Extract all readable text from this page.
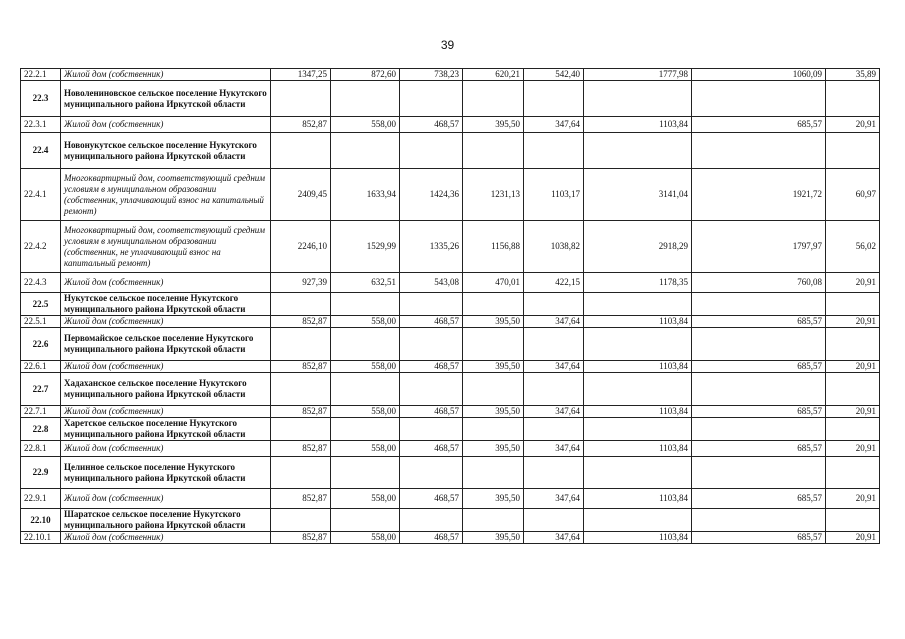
39
22.2.1	Жилой дом (собственник)	1347,25	872,60	738,23	620,21	542,40	1777,98	1060,09	35,89
22.3	Новолениновское сельское поселение Нукутского муниципального района Иркутской области								
22.3.1	Жилой дом (собственник)	852,87	558,00	468,57	395,50	347,64	1103,84	685,57	20,91
22.4	Новонукутское сельское поселение Нукутского муниципального района Иркутской области								
22.4.1	Многоквартирный дом, соответствующий средним условиям в муниципальном образовании (собственник, уплачивающий взнос на капитальный ремонт)	2409,45	1633,94	1424,36	1231,13	1103,17	3141,04	1921,72	60,97
22.4.2	Многоквартирный дом, соответствующий средним условиям в муниципальном образовании (собственник, не уплачивающий взнос на капитальный ремонт)	2246,10	1529,99	1335,26	1156,88	1038,82	2918,29	1797,97	56,02
22.4.3	Жилой дом (собственник)	927,39	632,51	543,08	470,01	422,15	1178,35	760,08	20,91
22.5	Нукутское сельское поселение Нукутского муниципального района Иркутской области								
22.5.1	Жилой дом (собственник)	852,87	558,00	468,57	395,50	347,64	1103,84	685,57	20,91
22.6	Первомайское сельское поселение Нукутского муниципального района Иркутской области								
22.6.1	Жилой дом (собственник)	852,87	558,00	468,57	395,50	347,64	1103,84	685,57	20,91
22.7	Хадаханское сельское поселение Нукутского муниципального района Иркутской области								
22.7.1	Жилой дом (собственник)	852,87	558,00	468,57	395,50	347,64	1103,84	685,57	20,91
22.8	Харетское сельское поселение Нукутского муниципального района Иркутской области								
22.8.1	Жилой дом (собственник)	852,87	558,00	468,57	395,50	347,64	1103,84	685,57	20,91
22.9	Целинное сельское поселение Нукутского муниципального района Иркутской области								
22.9.1	Жилой дом (собственник)	852,87	558,00	468,57	395,50	347,64	1103,84	685,57	20,91
22.10	Шаратское сельское поселение Нукутского муниципального района Иркутской области								
22.10.1	Жилой дом (собственник)	852,87	558,00	468,57	395,50	347,64	1103,84	685,57	20,91
